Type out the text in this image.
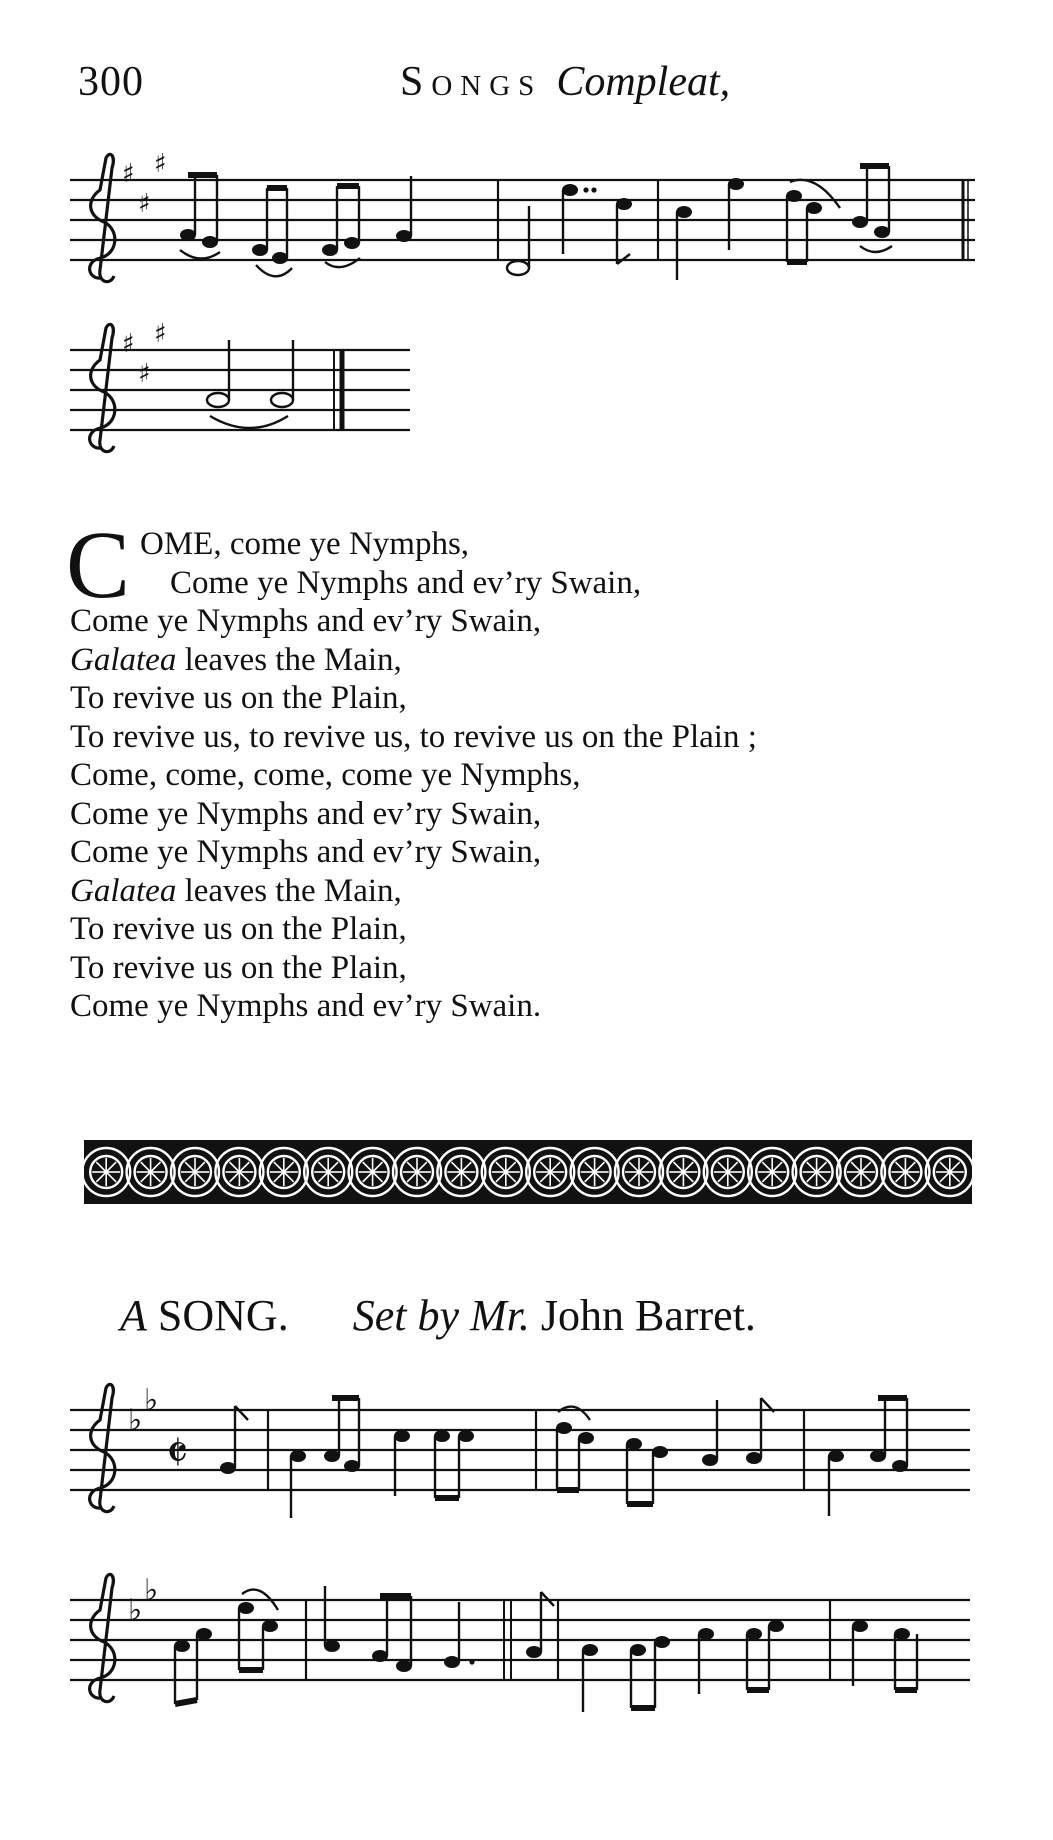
300	Songs Compleat,
♯
♯
♯
♯
♯
♯
C OME, come ye Nymphs,
Come ye Nymphs and ev’ry Swain,
Come ye Nymphs and ev’ry Swain,
Galatea leaves the Main,
To revive us on the Plain,
To revive us, to revive us, to revive us on the Plain ;
Come, come, come, come ye Nymphs,
Come ye Nymphs and ev’ry Swain,
Come ye Nymphs and ev’ry Swain,
Galatea leaves the Main,
To revive us on the Plain,
To revive us on the Plain,
Come ye Nymphs and ev’ry Swain.
A SONG. Set by Mr. John Barret.
♭
♭
𝄵
♭
♭
